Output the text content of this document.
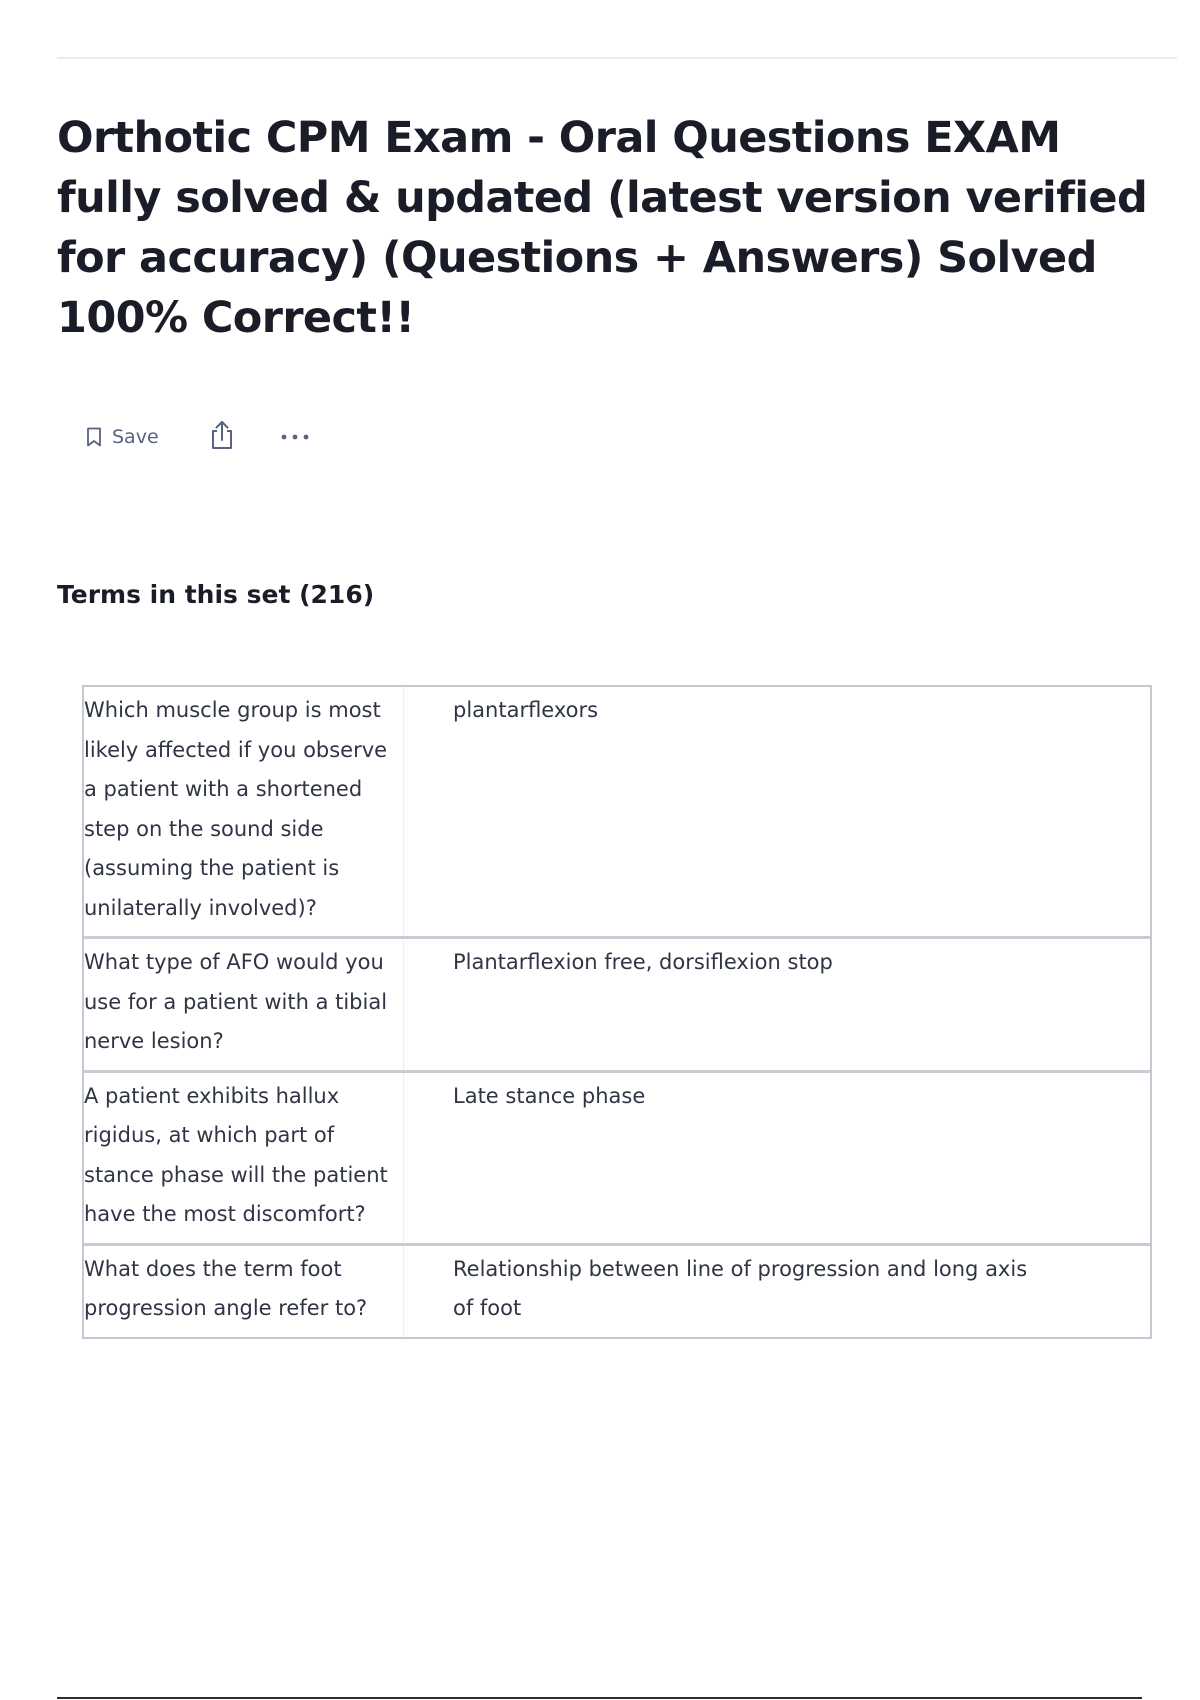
Orthotic CPM Exam - Oral Questions EXAM fully solved & updated (latest version verified for accuracy) (Questions + Answers) Solved 100% Correct!!
Save
Terms in this set (216)
Which muscle group is most likely affected if you observe a patient with a shortened step on the sound side (assuming the patient is unilaterally involved)?
plantarflexors
What type of AFO would you use for a patient with a tibial nerve lesion?
Plantarflexion free, dorsiflexion stop
A patient exhibits hallux rigidus, at which part of stance phase will the patient have the most discomfort?
Late stance phase
What does the term foot progression angle refer to?
Relationship between line of progression and long axis of foot
